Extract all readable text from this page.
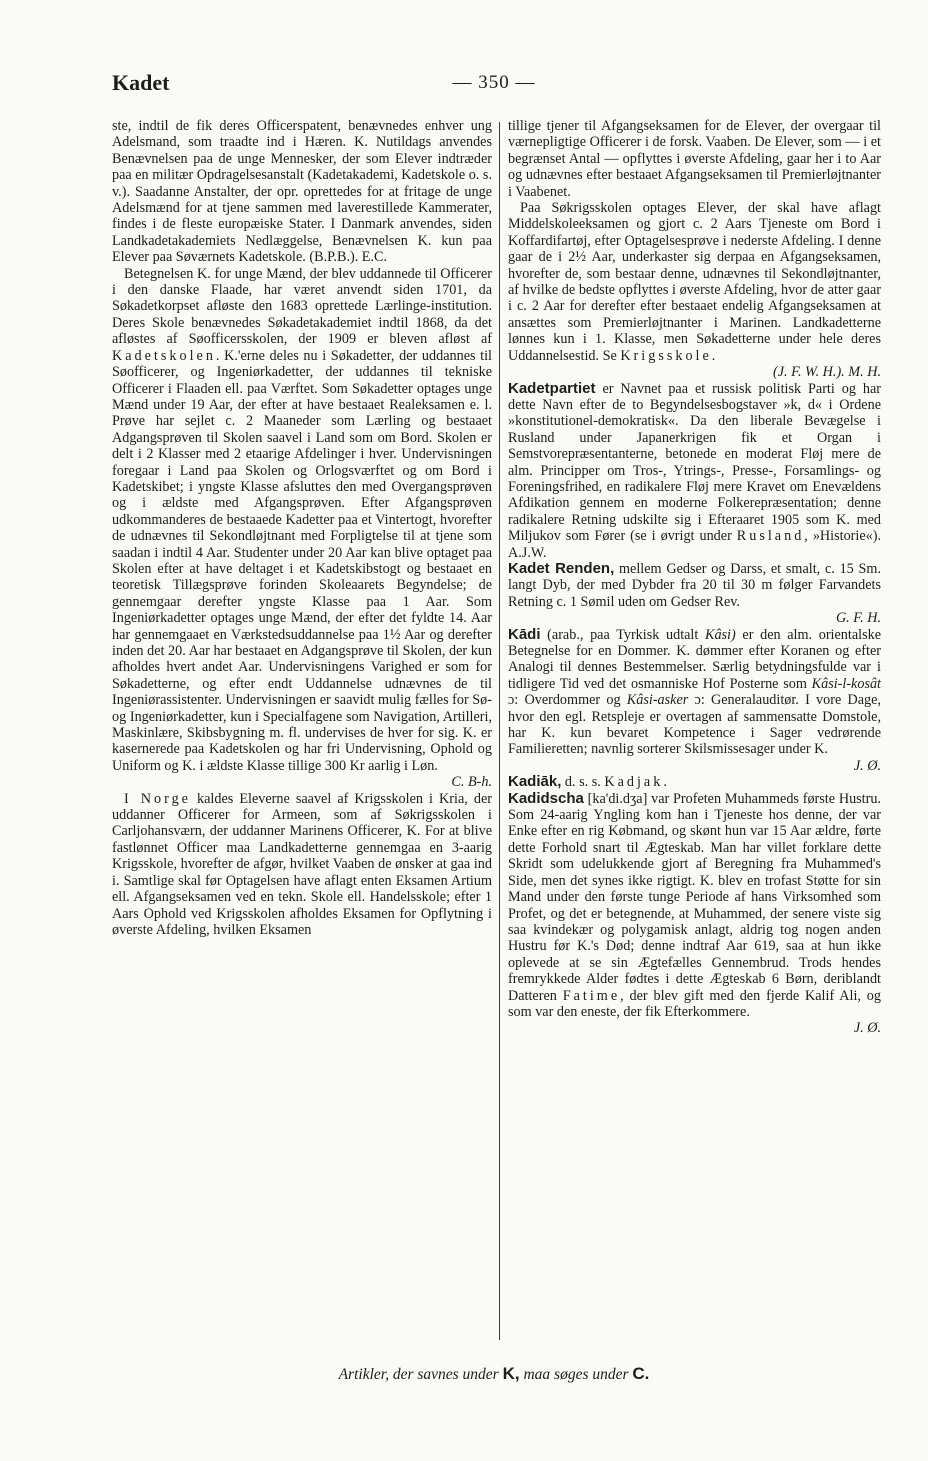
Kadet	— 350 —

ste, indtil de fik deres Officerspatent, benævnedes enhver ung Adelsmand, som traadte ind i Hæren. K. Nutildags anvendes Benævnelsen paa de unge Mennesker, der som Elever indtræder paa en militær Opdragelsesanstalt (Kadetakademi, Kadetskole o. s. v.). Saadanne Anstalter, der opr. oprettedes for at fritage de unge Adelsmænd for at tjene sammen med laverestillede Kammerater, findes i de fleste europæiske Stater. I Danmark anvendes, siden Landkadetakademiets Nedlæggelse, Benævnelsen K. kun paa Elever paa Søværnets Kadetskole. (B.P.B.). E.C.

Betegnelsen K. for unge Mænd, der blev uddannede til Officerer i den danske Flaade, har været anvendt siden 1701, da Søkadetkorpset afløste den 1683 oprettede Lærlinge-institution. Deres Skole benævnedes Søkadetakademiet indtil 1868, da det afløstes af Søofficersskolen, der 1909 er bleven afløst af Kadetskolen. K.'erne deles nu i Søkadetter, der uddannes til Søofficerer, og Ingeniørkadetter, der uddannes til tekniske Officerer i Flaaden ell. paa Værftet. Som Søkadetter optages unge Mænd under 19 Aar, der efter at have bestaaet Realeksamen e. l. Prøve har sejlet c. 2 Maaneder som Lærling og bestaaet Adgangsprøven til Skolen saavel i Land som om Bord. Skolen er delt i 2 Klasser med 2 etaarige Afdelinger i hver. Undervisningen foregaar i Land paa Skolen og Orlogsværftet og om Bord i Kadetskibet; i yngste Klasse afsluttes den med Overgangsprøven og i ældste med Afgangsprøven. Efter Afgangsprøven udkommanderes de bestaaede Kadetter paa et Vintertogt, hvorefter de udnævnes til Sekondløjtnant med Forpligtelse til at tjene som saadan i indtil 4 Aar. Studenter under 20 Aar kan blive optaget paa Skolen efter at have deltaget i et Kadetskibstogt og bestaaet en teoretisk Tillægsprøve forinden Skoleaarets Begyndelse; de gennemgaar derefter yngste Klasse paa 1 Aar. Som Ingeniørkadetter optages unge Mænd, der efter det fyldte 14. Aar har gennemgaaet en Værkstedsuddannelse paa 1½ Aar og derefter inden det 20. Aar har bestaaet en Adgangsprøve til Skolen, der kun afholdes hvert andet Aar. Undervisningens Varighed er som for Søkadetterne, og efter endt Uddannelse udnævnes de til Ingeniørassistenter. Undervisningen er saavidt mulig fælles for Sø- og Ingeniørkadetter, kun i Specialfagene som Navigation, Artilleri, Maskinlære, Skibsbygning m. fl. undervises de hver for sig. K. er kasernerede paa Kadetskolen og har fri Undervisning, Ophold og Uniform og K. i ældste Klasse tillige 300 Kr aarlig i Løn.

C. B-h.

I Norge kaldes Eleverne saavel af Krigsskolen i Kria, der uddanner Officerer for Armeen, som af Søkrigsskolen i Carljohansværn, der uddanner Marinens Officerer, K. For at blive fastlønnet Officer maa Landkadetterne gennemgaa en 3-aarig Krigsskole, hvorefter de afgør, hvilket Vaaben de ønsker at gaa ind i. Samtlige skal før Optagelsen have aflagt enten Eksamen Artium ell. Afgangseksamen ved en tekn. Skole ell. Handelsskole; efter 1 Aars Ophold ved Krigsskolen afholdes Eksamen for Opflytning i øverste Afdeling, hvilken Eksamen

tillige tjener til Afgangseksamen for de Elever, der overgaar til værnepligtige Officerer i de forsk. Vaaben. De Elever, som — i et begrænset Antal — opflyttes i øverste Afdeling, gaar her i to Aar og udnævnes efter bestaaet Afgangseksamen til Premierløjtnanter i Vaabenet.

Paa Søkrigsskolen optages Elever, der skal have aflagt Middelskoleeksamen og gjort c. 2 Aars Tjeneste om Bord i Koffardifartøj, efter Optagelsesprøve i nederste Afdeling. I denne gaar de i 2½ Aar, underkaster sig derpaa en Afgangseksamen, hvorefter de, som bestaar denne, udnævnes til Sekondløjtnanter, af hvilke de bedste opflyttes i øverste Afdeling, hvor de atter gaar i c. 2 Aar for derefter efter bestaaet endelig Afgangseksamen at ansættes som Premierløjtnanter i Marinen. Landkadetterne lønnes kun i 1. Klasse, men Søkadetterne under hele deres Uddannelsestid. Se Krigsskole.

(J. F. W. H.). M. H.

Kadetpartiet er Navnet paa et russisk politisk Parti og har dette Navn efter de to Begyndelsesbogstaver »k, d« i Ordene »konstitutionel-demokratisk«. Da den liberale Bevægelse i Rusland under Japanerkrigen fik et Organ i Semstvorepræsentanterne, betonede en moderat Fløj mere de alm. Principper om Tros-, Ytrings-, Presse-, Forsamlings- og Foreningsfrihed, en radikalere Fløj mere Kravet om Enevældens Afdikation gennem en moderne Folkerepræsentation; denne radikalere Retning udskilte sig i Efteraaret 1905 som K. med Miljukov som Fører (se i øvrigt under Rusland, »Historie«). A.J.W.

Kadet Renden, mellem Gedser og Darss, et smalt, c. 15 Sm. langt Dyb, der med Dybder fra 20 til 30 m følger Farvandets Retning c. 1 Sømil uden om Gedser Rev.

G. F. H.

Kādi (arab., paa Tyrkisk udtalt Kâsi) er den alm. orientalske Betegnelse for en Dommer. K. dømmer efter Koranen og efter Analogi til dennes Bestemmelser. Særlig betydningsfulde var i tidligere Tid ved det osmanniske Hof Posterne som Kâsi-l-kosât ɔ: Overdommer og Kâsi-asker ɔ: Generalauditør. I vore Dage, hvor den egl. Retspleje er overtagen af sammensatte Domstole, har K. kun bevaret Kompetence i Sager vedrørende Familieretten; navnlig sorterer Skilsmissesager under K.

J. Ø.

Kadiāk, d. s. s. Kadjak.

Kadidscha [ka'di.dʒa] var Profeten Muhammeds første Hustru. Som 24-aarig Yngling kom han i Tjeneste hos denne, der var Enke efter en rig Købmand, og skønt hun var 15 Aar ældre, førte dette Forhold snart til Ægteskab. Man har villet forklare dette Skridt som udelukkende gjort af Beregning fra Muhammed's Side, men det synes ikke rigtigt. K. blev en trofast Støtte for sin Mand under den første tunge Periode af hans Virksomhed som Profet, og det er betegnende, at Muhammed, der senere viste sig saa kvindekær og polygamisk anlagt, aldrig tog nogen anden Hustru før K.'s Død; denne indtraf Aar 619, saa at hun ikke oplevede at se sin Ægtefælles Gennembrud. Trods hendes fremrykkede Alder fødtes i dette Ægteskab 6 Børn, deriblandt Datteren Fatime, der blev gift med den fjerde Kalif Ali, og som var den eneste, der fik Efterkommere.

J. Ø.
Artikler, der savnes under K, maa søges under C.
